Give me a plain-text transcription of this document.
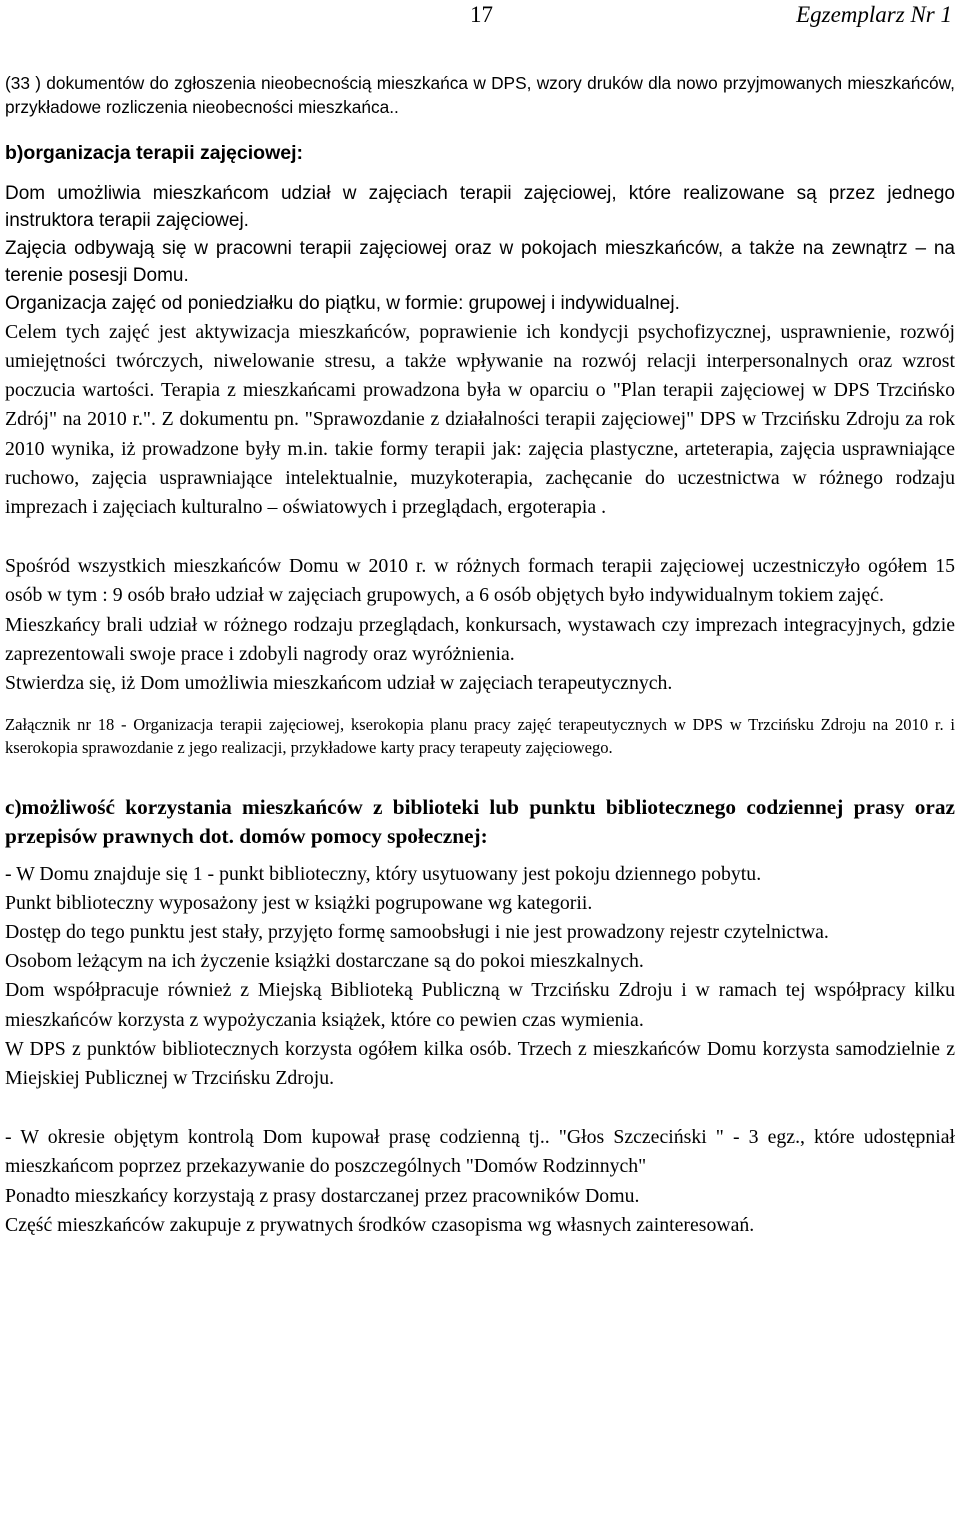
17	Egzemplarz Nr 1

(33 ) dokumentów do zgłoszenia nieobecnością mieszkańca w DPS, wzory druków dla nowo przyjmowanych mieszkańców, przykładowe rozliczenia nieobecności mieszkańca..

b)organizacja terapii zajęciowej:

Dom umożliwia mieszkańcom udział w zajęciach terapii zajęciowej, które realizowane są przez jednego instruktora terapii zajęciowej.

Zajęcia odbywają się w pracowni terapii zajęciowej oraz w pokojach mieszkańców, a także na zewnątrz – na terenie posesji Domu.

Organizacja zajęć od poniedziałku do piątku, w formie: grupowej i indywidualnej.

Celem tych zajęć jest aktywizacja mieszkańców, poprawienie ich kondycji psychofizycznej, usprawnienie, rozwój umiejętności twórczych, niwelowanie stresu, a także wpływanie na rozwój relacji interpersonalnych oraz wzrost poczucia wartości. Terapia z mieszkańcami prowadzona była w oparciu o "Plan terapii zajęciowej w DPS Trzcińsko Zdrój" na 2010 r.". Z dokumentu pn. "Sprawozdanie z działalności terapii zajęciowej" DPS w Trzcińsku Zdroju za rok 2010 wynika, iż prowadzone były m.in. takie formy terapii jak: zajęcia plastyczne, arteterapia, zajęcia usprawniające ruchowo, zajęcia usprawniające intelektualnie, muzykoterapia, zachęcanie do uczestnictwa w różnego rodzaju imprezach i zajęciach kulturalno – oświatowych i przeglądach, ergoterapia .

Spośród wszystkich mieszkańców Domu w 2010 r. w różnych formach terapii zajęciowej uczestniczyło ogółem 15 osób w tym : 9 osób brało udział w zajęciach grupowych, a 6 osób objętych było indywidualnym tokiem zajęć.

Mieszkańcy brali udział w różnego rodzaju przeglądach, konkursach, wystawach czy imprezach integracyjnych, gdzie zaprezentowali swoje prace i zdobyli nagrody oraz wyróżnienia.

Stwierdza się, iż Dom umożliwia mieszkańcom udział w zajęciach terapeutycznych.

Załącznik nr 18 - Organizacja terapii zajęciowej, kserokopia planu pracy zajęć terapeutycznych w DPS w Trzcińsku Zdroju na 2010 r. i kserokopia sprawozdanie z jego realizacji, przykładowe karty pracy terapeuty zajęciowego.

c)możliwość korzystania mieszkańców z biblioteki lub punktu bibliotecznego codziennej prasy oraz przepisów prawnych dot. domów pomocy społecznej:

- W Domu znajduje się 1 - punkt biblioteczny, który usytuowany jest pokoju dziennego pobytu.

Punkt biblioteczny wyposażony jest w książki pogrupowane wg kategorii.

Dostęp do tego punktu jest stały, przyjęto formę samoobsługi i nie jest prowadzony rejestr czytelnictwa.

Osobom leżącym na ich życzenie książki dostarczane są do pokoi mieszkalnych.

Dom współpracuje również z Miejską Biblioteką Publiczną w Trzcińsku Zdroju i w ramach tej współpracy kilku mieszkańców korzysta z wypożyczania książek, które co pewien czas wymienia.

W DPS z punktów bibliotecznych korzysta ogółem kilka osób. Trzech z mieszkańców Domu korzysta samodzielnie z Miejskiej Publicznej w Trzcińsku Zdroju.

- W okresie objętym kontrolą Dom kupował prasę codzienną tj.. "Głos Szczeciński " - 3 egz., które udostępniał mieszkańcom poprzez przekazywanie do poszczególnych "Domów Rodzinnych"

Ponadto mieszkańcy korzystają z prasy dostarczanej przez pracowników Domu.

Część mieszkańców zakupuje z prywatnych środków czasopisma wg własnych zainteresowań.
